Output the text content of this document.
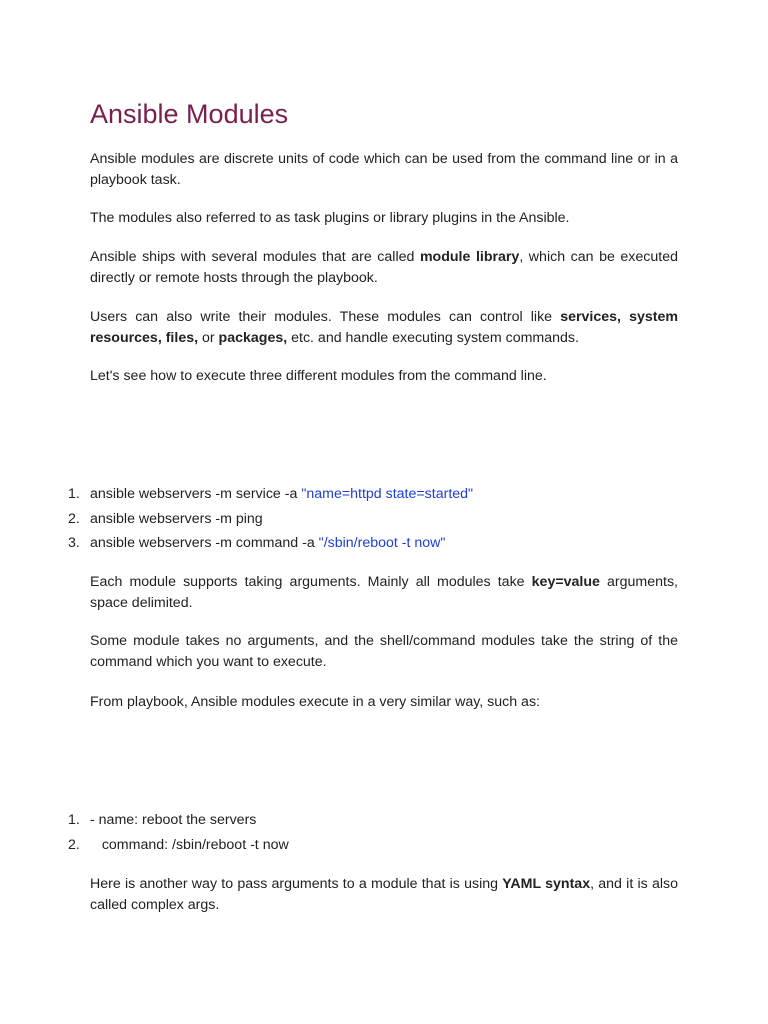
Ansible Modules

Ansible modules are discrete units of code which can be used from the command line or in a playbook task.

The modules also referred to as task plugins or library plugins in the Ansible.

Ansible ships with several modules that are called module library, which can be executed directly or remote hosts through the playbook.

Users can also write their modules. These modules can control like services, system resources, files, or packages, etc. and handle executing system commands.

Let's see how to execute three different modules from the command line.

1. ansible webservers -m service -a "name=httpd state=started"
2. ansible webservers -m ping
3. ansible webservers -m command -a "/sbin/reboot -t now"

Each module supports taking arguments. Mainly all modules take key=value arguments, space delimited.

Some module takes no arguments, and the shell/command modules take the string of the command which you want to execute.

From playbook, Ansible modules execute in a very similar way, such as:

1. - name: reboot the servers
2.   command: /sbin/reboot -t now

Here is another way to pass arguments to a module that is using YAML syntax, and it is also called complex args.
